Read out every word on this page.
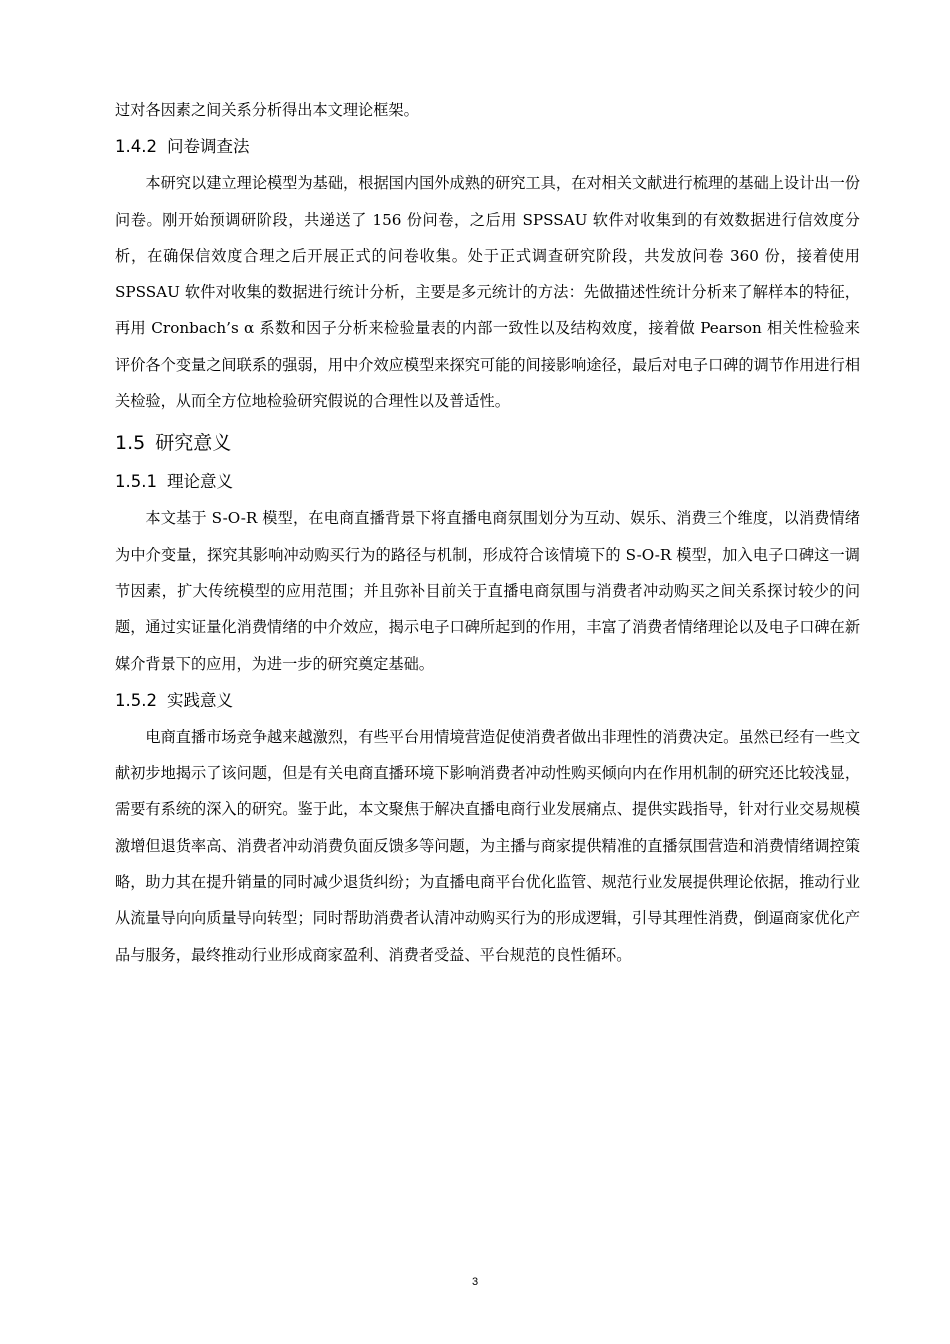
过对各因素之间关系分析得出本文理论框架。

1.4.2 问卷调查法

本研究以建立理论模型为基础，根据国内国外成熟的研究工具，在对相关文献进行梳理的基础上设计出一份问卷。刚开始预调研阶段，共递送了 156 份问卷，之后用 SPSSAU 软件对收集到的有效数据进行信效度分析，在确保信效度合理之后开展正式的问卷收集。处于正式调查研究阶段，共发放问卷 360 份，接着使用 SPSSAU 软件对收集的数据进行统计分析，主要是多元统计的方法：先做描述性统计分析来了解样本的特征，再用 Cronbach’s α 系数和因子分析来检验量表的内部一致性以及结构效度，接着做 Pearson 相关性检验来评价各个变量之间联系的强弱，用中介效应模型来探究可能的间接影响途径，最后对电子口碑的调节作用进行相关检验，从而全方位地检验研究假说的合理性以及普适性。

1.5 研究意义
1.5.1 理论意义

本文基于 S-O-R 模型，在电商直播背景下将直播电商氛围划分为互动、娱乐、消费三个维度，以消费情绪为中介变量，探究其影响冲动购买行为的路径与机制，形成符合该情境下的 S-O-R 模型，加入电子口碑这一调节因素，扩大传统模型的应用范围；并且弥补目前关于直播电商氛围与消费者冲动购买之间关系探讨较少的问题，通过实证量化消费情绪的中介效应，揭示电子口碑所起到的作用，丰富了消费者情绪理论以及电子口碑在新媒介背景下的应用，为进一步的研究奠定基础。

1.5.2 实践意义

电商直播市场竞争越来越激烈，有些平台用情境营造促使消费者做出非理性的消费决定。虽然已经有一些文献初步地揭示了该问题，但是有关电商直播环境下影响消费者冲动性购买倾向内在作用机制的研究还比较浅显，需要有系统的深入的研究。鉴于此，本文聚焦于解决直播电商行业发展痛点、提供实践指导，针对行业交易规模激增但退货率高、消费者冲动消费负面反馈多等问题，为主播与商家提供精准的直播氛围营造和消费情绪调控策略，助力其在提升销量的同时减少退货纠纷；为直播电商平台优化监管、规范行业发展提供理论依据，推动行业从流量导向向质量导向转型；同时帮助消费者认清冲动购买行为的形成逻辑，引导其理性消费，倒逼商家优化产品与服务，最终推动行业形成商家盈利、消费者受益、平台规范的良性循环。

3
